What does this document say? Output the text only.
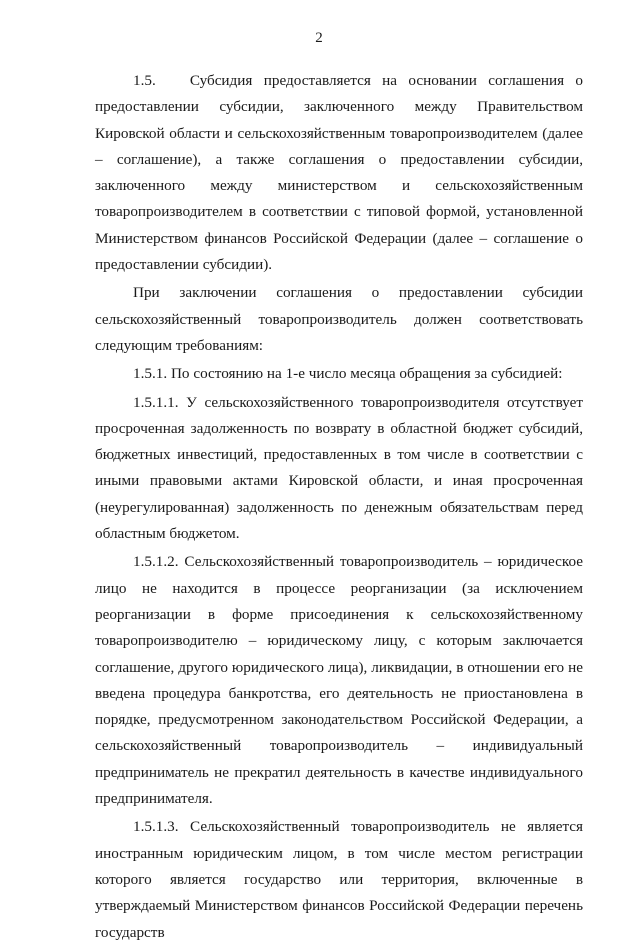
2

1.5.   Субсидия предоставляется на основании соглашения о предоставлении субсидии, заключенного между Правительством Кировской области и сельскохозяйственным товаропроизводителем (далее – соглашение), а также соглашения о предоставлении субсидии, заключенного между министерством и сельскохозяйственным товаропроизводителем в соответствии с типовой формой, установленной Министерством финансов Российской Федерации (далее – соглашение о предоставлении субсидии).

При заключении соглашения о предоставлении субсидии сельскохозяйственный товаропроизводитель должен соответствовать следующим требованиям:

1.5.1. По состоянию на 1-е число месяца обращения за субсидией:

1.5.1.1. У сельскохозяйственного товаропроизводителя отсутствует просроченная задолженность по возврату в областной бюджет субсидий, бюджетных инвестиций, предоставленных в том числе в соответствии с иными правовыми актами Кировской области, и иная просроченная (неурегулированная) задолженность по денежным обязательствам перед областным бюджетом.

1.5.1.2. Сельскохозяйственный товаропроизводитель – юридическое лицо не находится в процессе реорганизации (за исключением реорганизации в форме присоединения к сельскохозяйственному товаропроизводителю – юридическому лицу, с которым заключается соглашение, другого юридического лица), ликвидации, в отношении его не введена процедура банкротства, его деятельность не приостановлена в порядке, предусмотренном законодательством Российской Федерации, а сельскохозяйственный товаропроизводитель – индивидуальный предприниматель не прекратил деятельность в качестве индивидуального предпринимателя.

1.5.1.3. Сельскохозяйственный товаропроизводитель не является иностранным юридическим лицом, в том числе местом регистрации которого является государство или территория, включенные в утверждаемый Министерством финансов Российской Федерации перечень государств
